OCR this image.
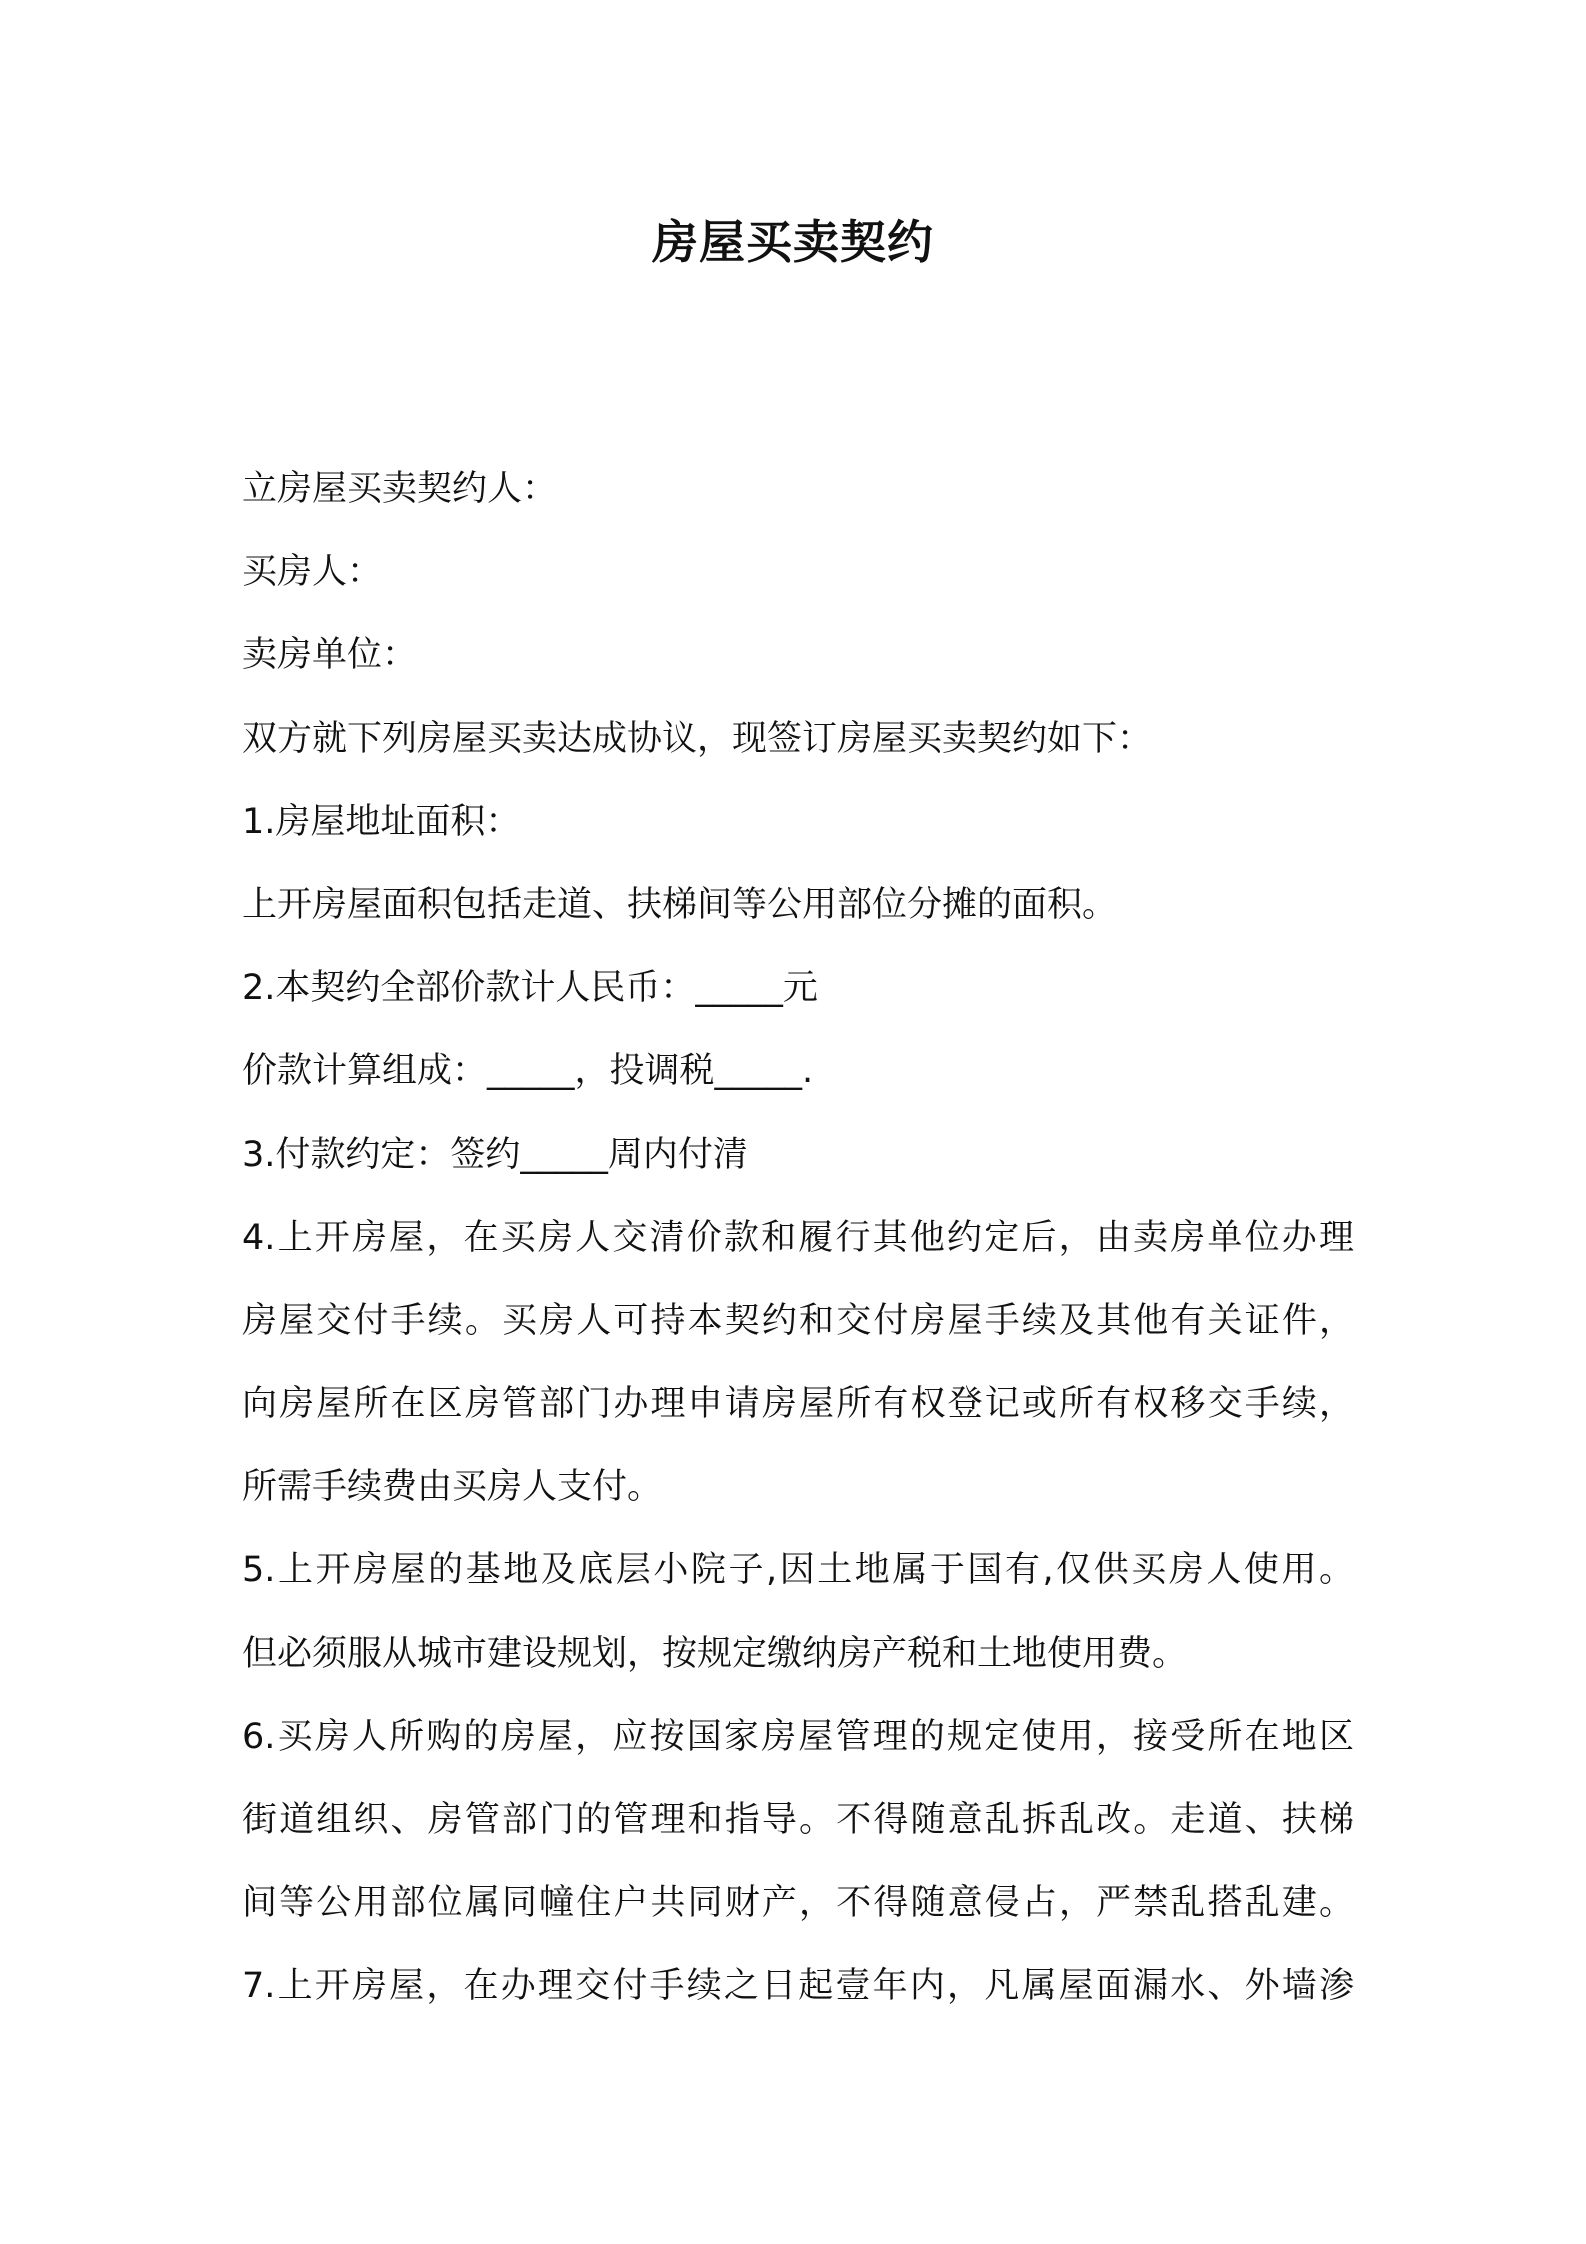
房屋买卖契约
立房屋买卖契约人：
买房人：
卖房单位：
双方就下列房屋买卖达成协议，现签订房屋买卖契约如下：
1.房屋地址面积：
上开房屋面积包括走道、扶梯间等公用部位分摊的面积。
2.本契约全部价款计人民币：_____元
价款计算组成：_____，投调税_____.
3.付款约定：签约_____周内付清
4.上开房屋，在买房人交清价款和履行其他约定后，由卖房单位办理
房屋交付手续。买房人可持本契约和交付房屋手续及其他有关证件，
向房屋所在区房管部门办理申请房屋所有权登记或所有权移交手续，
所需手续费由买房人支付。
5.上开房屋的基地及底层小院子,因土地属于国有,仅供买房人使用。
但必须服从城市建设规划，按规定缴纳房产税和土地使用费。
6.买房人所购的房屋，应按国家房屋管理的规定使用，接受所在地区
街道组织、房管部门的管理和指导。不得随意乱拆乱改。走道、扶梯
间等公用部位属同幢住户共同财产，不得随意侵占，严禁乱搭乱建。
7.上开房屋，在办理交付手续之日起壹年内，凡属屋面漏水、外墙渗
